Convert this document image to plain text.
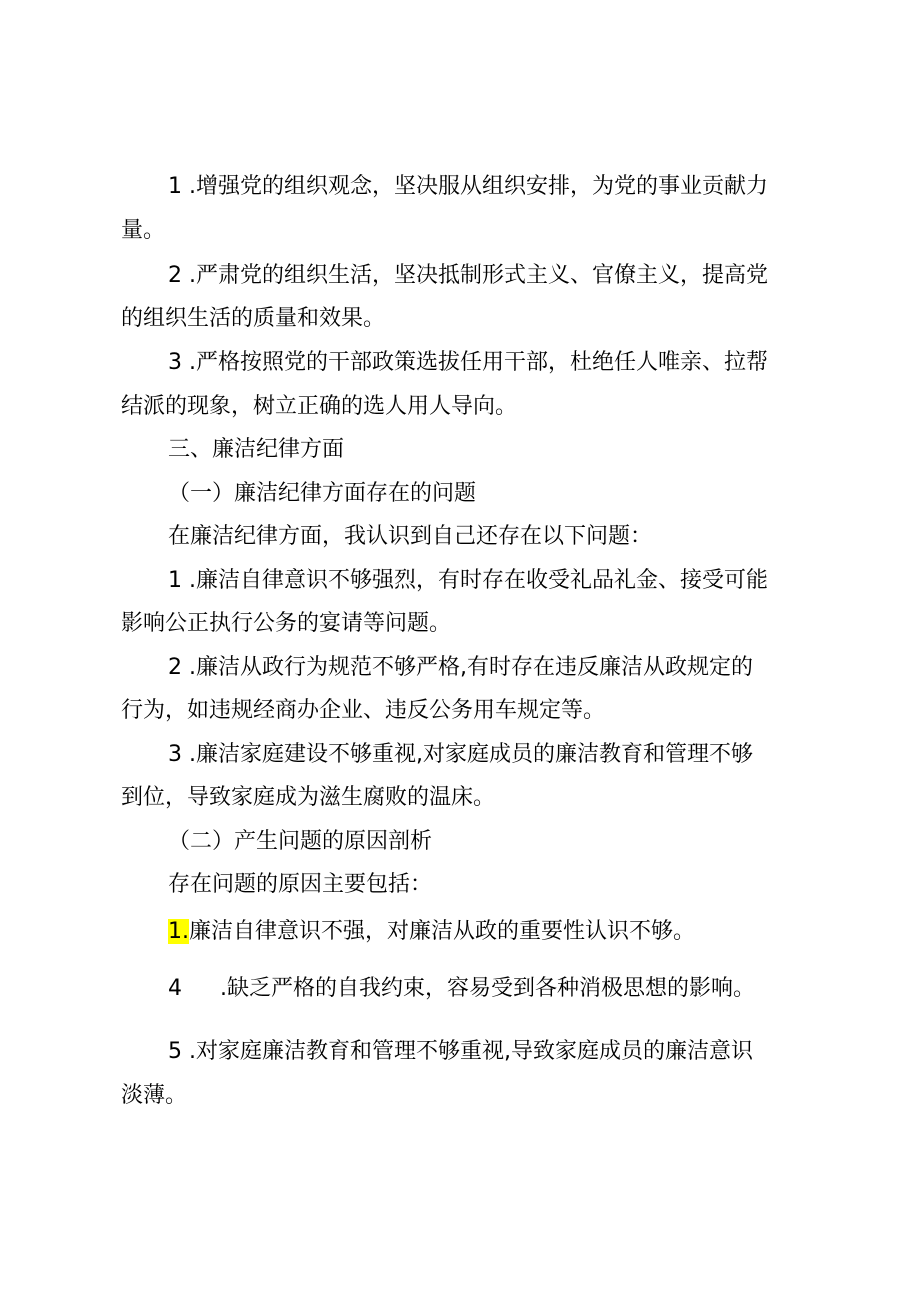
1 .增强党的组织观念，坚决服从组织安排，为党的事业贡献力
量。
2 .严肃党的组织生活，坚决抵制形式主义、官僚主义，提高党
的组织生活的质量和效果。
3 .严格按照党的干部政策选拔任用干部，杜绝任人唯亲、拉帮
结派的现象，树立正确的选人用人导向。
三、廉洁纪律方面
（一）廉洁纪律方面存在的问题
在廉洁纪律方面，我认识到自己还存在以下问题：
1 .廉洁自律意识不够强烈，有时存在收受礼品礼金、接受可能
影响公正执行公务的宴请等问题。
2 .廉洁从政行为规范不够严格,有时存在违反廉洁从政规定的
行为，如违规经商办企业、违反公务用车规定等。
3 .廉洁家庭建设不够重视,对家庭成员的廉洁教育和管理不够
到位，导致家庭成为滋生腐败的温床。
（二）产生问题的原因剖析
存在问题的原因主要包括：
1.廉洁自律意识不强，对廉洁从政的重要性认识不够。
4 .缺乏严格的自我约束，容易受到各种消极思想的影响。
5 .对家庭廉洁教育和管理不够重视,导致家庭成员的廉洁意识
淡薄。
